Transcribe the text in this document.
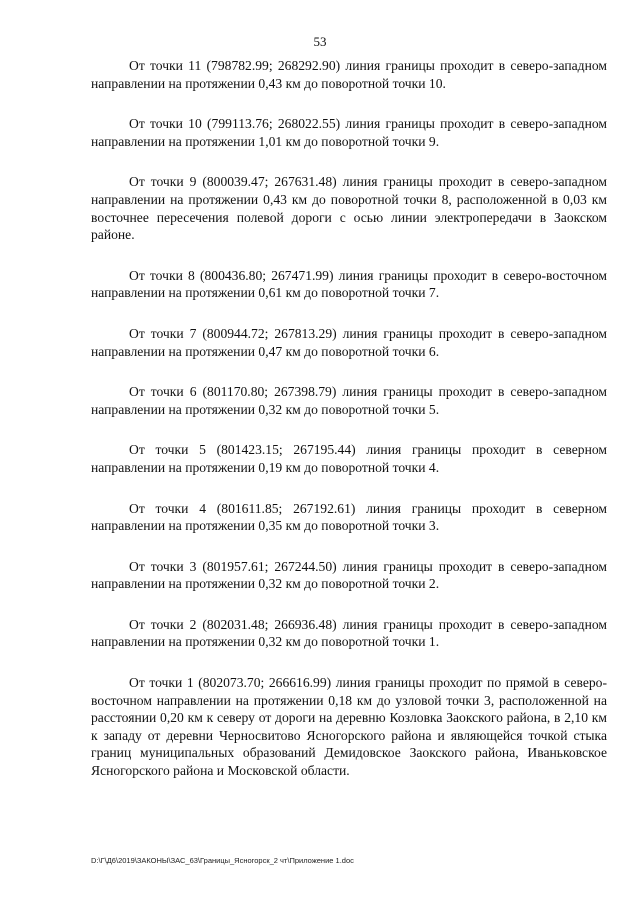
53

От точки 11 (798782.99; 268292.90) линия границы проходит в северо-западном направлении на протяжении 0,43 км до поворотной точки 10.

От точки 10 (799113.76; 268022.55) линия границы проходит в северо-западном направлении на протяжении 1,01 км до поворотной точки 9.

От точки 9 (800039.47; 267631.48) линия границы проходит в северо-западном направлении на протяжении 0,43 км до поворотной точки 8, расположенной в 0,03 км восточнее пересечения полевой дороги с осью линии электропередачи в Заокском районе.

От точки 8 (800436.80; 267471.99) линия границы проходит в северо-восточном направлении на протяжении 0,61 км до поворотной точки 7.

От точки 7 (800944.72; 267813.29) линия границы проходит в северо-западном направлении на протяжении 0,47 км до поворотной точки 6.

От точки 6 (801170.80; 267398.79) линия границы проходит в северо-западном направлении на протяжении 0,32 км до поворотной точки 5.

От точки 5 (801423.15; 267195.44) линия границы проходит в северном направлении на протяжении 0,19 км до поворотной точки 4.

От точки 4 (801611.85; 267192.61) линия границы проходит в северном направлении на протяжении 0,35 км до поворотной точки 3.

От точки 3 (801957.61; 267244.50) линия границы проходит в северо-западном направлении на протяжении 0,32 км до поворотной точки 2.

От точки 2 (802031.48; 266936.48) линия границы проходит в северо-западном направлении на протяжении 0,32 км до поворотной точки 1.

От точки 1 (802073.70; 266616.99) линия границы проходит по прямой в северо-восточном направлении на протяжении 0,18 км до узловой точки 3, расположенной на расстоянии 0,20 км к северу от дороги на деревню Козловка Заокского района, в 2,10 км к западу от деревни Черносвитово Ясногорского района и являющейся точкой стыка границ муниципальных образований Демидовское Заокского района, Иваньковское Ясногорского района и Московской области.

D:\Г\Д6\2019\ЗАКОНЫ\ЗАС_63\Границы_Ясногорск_2 чт\Приложение 1.doc
